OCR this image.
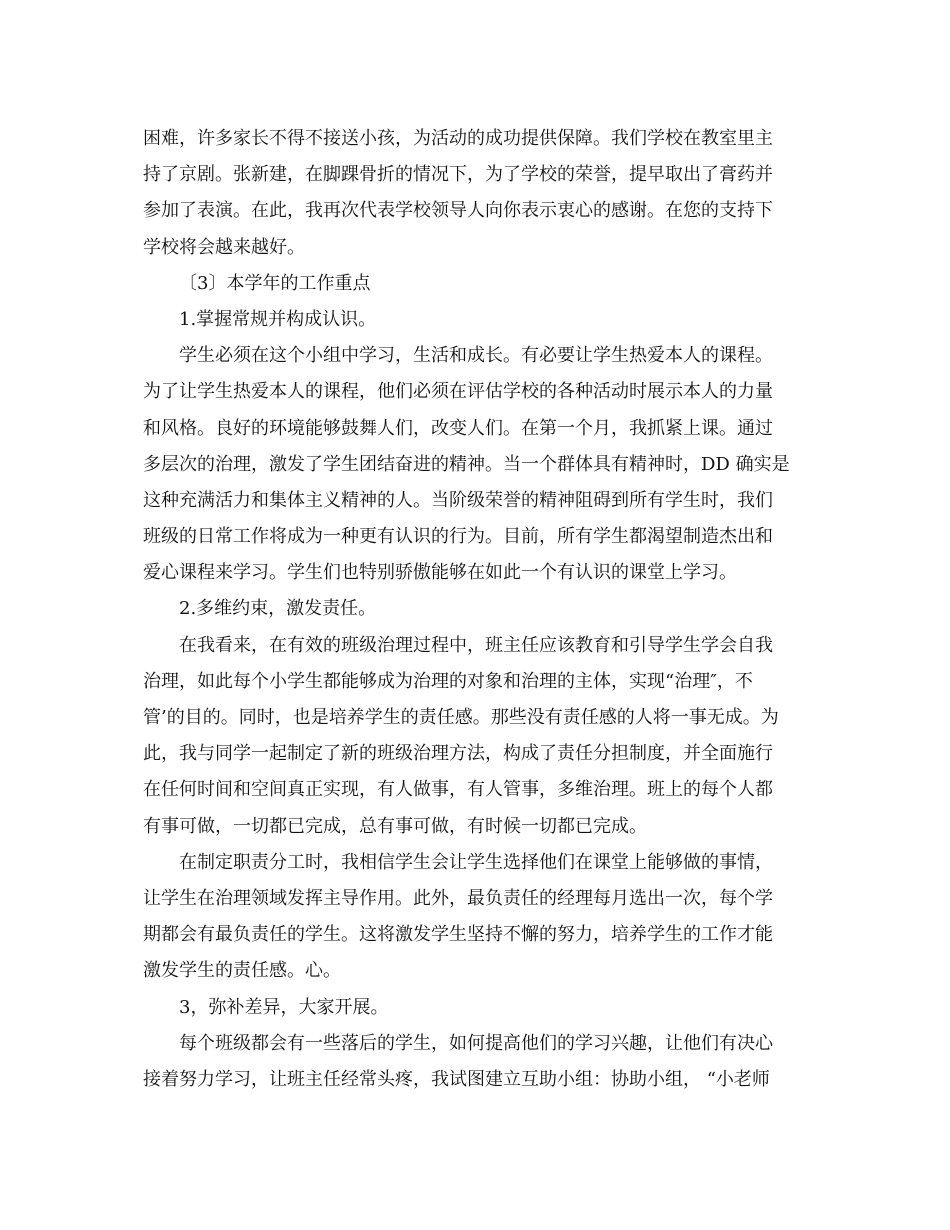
困难，许多家长不得不接送小孩，为活动的成功提供保障。我们学校在教室里主
持了京剧。张新建，在脚踝骨折的情况下，为了学校的荣誉，提早取出了膏药并
参加了表演。在此，我再次代表学校领导人向你表示衷心的感谢。在您的支持下
学校将会越来越好。
〔3〕本学年的工作重点
1.掌握常规并构成认识。
学生必须在这个小组中学习，生活和成长。有必要让学生热爱本人的课程。
为了让学生热爱本人的课程，他们必须在评估学校的各种活动时展示本人的力量
和风格。良好的环境能够鼓舞人们，改变人们。在第一个月，我抓紧上课。通过
多层次的治理，激发了学生团结奋进的精神。当一个群体具有精神时，DD 确实是
这种充满活力和集体主义精神的人。当阶级荣誉的精神阻碍到所有学生时，我们
班级的日常工作将成为一种更有认识的行为。目前，所有学生都渴望制造杰出和
爱心课程来学习。学生们也特别骄傲能够在如此一个有认识的课堂上学习。
2.多维约束，激发责任。
在我看来，在有效的班级治理过程中，班主任应该教育和引导学生学会自我
治理，如此每个小学生都能够成为治理的对象和治理的主体，实现“治理″，不
管’的目的。同时，也是培养学生的责任感。那些没有责任感的人将一事无成。为
此，我与同学一起制定了新的班级治理方法，构成了责任分担制度，并全面施行
在任何时间和空间真正实现，有人做事，有人管事，多维治理。班上的每个人都
有事可做，一切都已完成，总有事可做，有时候一切都已完成。
在制定职责分工时，我相信学生会让学生选择他们在课堂上能够做的事情，
让学生在治理领域发挥主导作用。此外，最负责任的经理每月选出一次，每个学
期都会有最负责任的学生。这将激发学生坚持不懈的努力，培养学生的工作才能
激发学生的责任感。心。
3，弥补差异，大家开展。
每个班级都会有一些落后的学生，如何提高他们的学习兴趣，让他们有决心
接着努力学习，让班主任经常头疼，我试图建立互助小组：协助小组， “小老师
